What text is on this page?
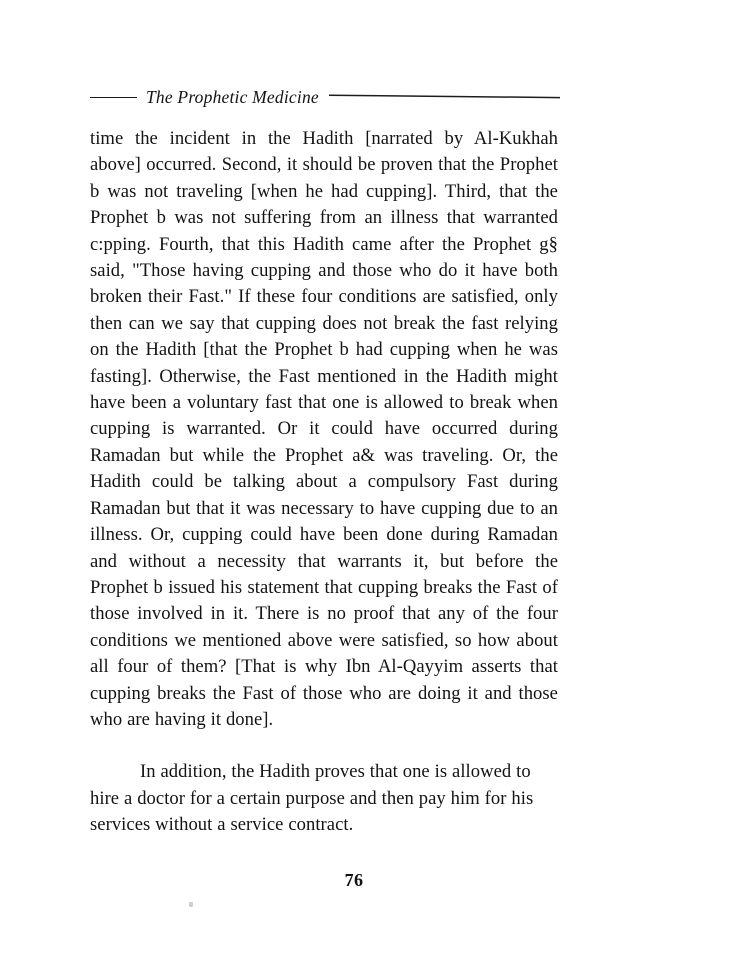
The Prophetic Medicine

time the incident in the Hadith [narrated by Al-Kukhah above] occurred. Second, it should be proven that the Prophet b was not traveling [when he had cupping]. Third, that the Prophet b was not suffering from an illness that warranted c:pping. Fourth, that this Hadith came after the Prophet g§ said, "Those having cupping and those who do it have both broken their Fast." If these four conditions are satisfied, only then can we say that cupping does not break the fast relying on the Hadith [that the Prophet b had cupping when he was fasting]. Otherwise, the Fast mentioned in the Hadith might have been a voluntary fast that one is allowed to break when cupping is warranted. Or it could have occurred during Ramadan but while the Prophet a& was traveling. Or, the Hadith could be talking about a compulsory Fast during Ramadan but that it was necessary to have cupping due to an illness. Or, cupping could have been done during Ramadan and without a necessity that warrants it, but before the Prophet b issued his statement that cupping breaks the Fast of those involved in it. There is no proof that any of the four conditions we mentioned above were satisfied, so how about all four of them? [That is why Ibn Al-Qayyim asserts that cupping breaks the Fast of those who are doing it and those who are having it done].

In addition, the Hadith proves that one is allowed to hire a doctor for a certain purpose and then pay him for his services without a service contract.

76
